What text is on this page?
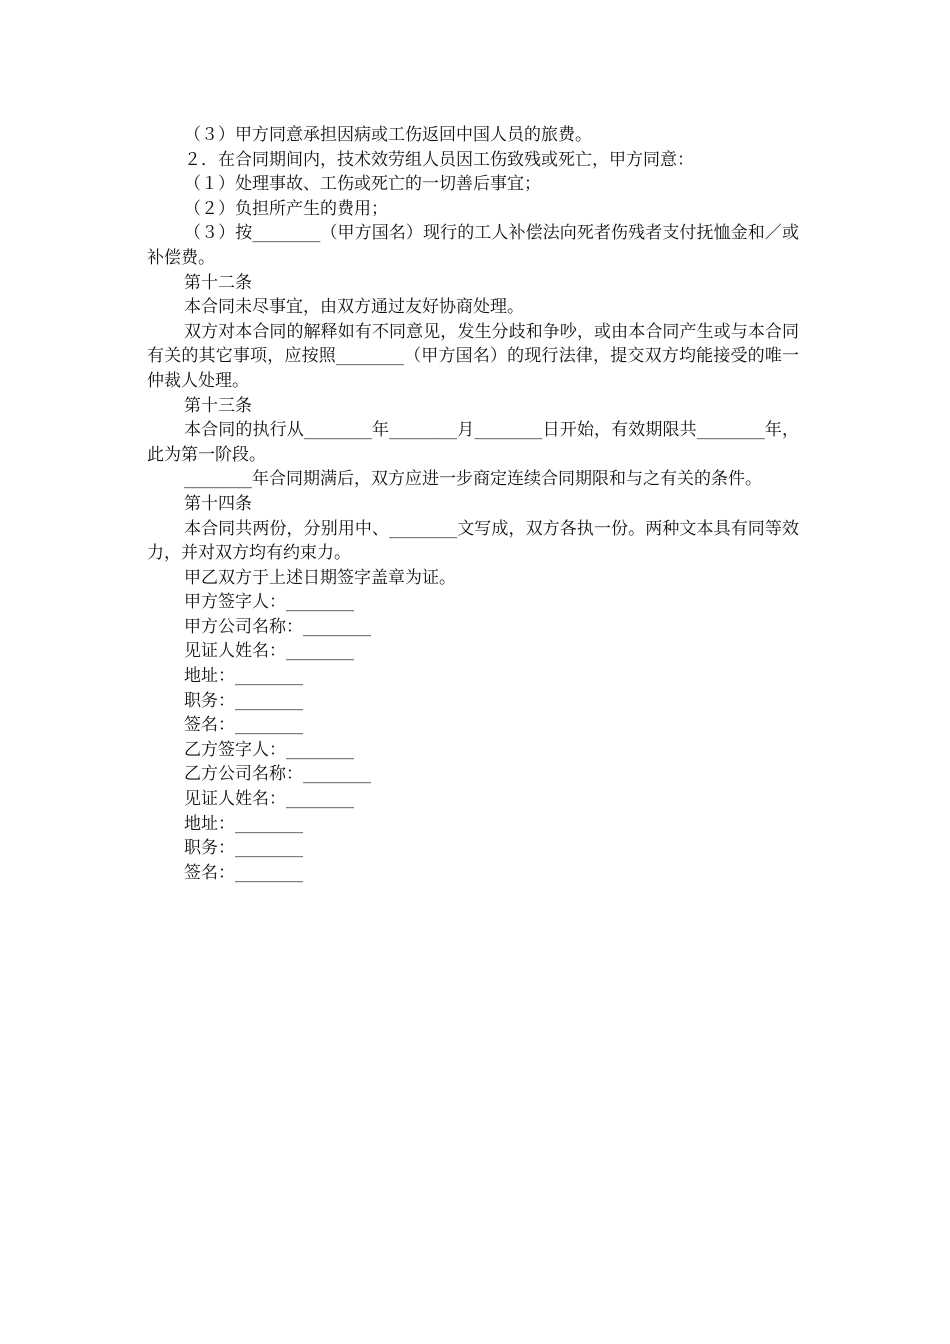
（３）甲方同意承担因病或工伤返回中国人员的旅费。

２．在合同期间内，技术效劳组人员因工伤致残或死亡，甲方同意：

（１）处理事故、工伤或死亡的一切善后事宜；

（２）负担所产生的费用；

（３）按________（甲方国名）现行的工人补偿法向死者伤残者支付抚恤金和／或补偿费。

第十二条

本合同未尽事宜，由双方通过友好协商处理。

双方对本合同的解释如有不同意见，发生分歧和争吵，或由本合同产生或与本合同有关的其它事项，应按照________（甲方国名）的现行法律，提交双方均能接受的唯一仲裁人处理。

第十三条

本合同的执行从________年________月________日开始，有效期限共________年，此为第一阶段。

________年合同期满后，双方应进一步商定连续合同期限和与之有关的条件。

第十四条

本合同共两份，分别用中、________文写成，双方各执一份。两种文本具有同等效力，并对双方均有约束力。

甲乙双方于上述日期签字盖章为证。

甲方签字人：________

甲方公司名称：________

见证人姓名：________

地址：________

职务：________

签名：________

乙方签字人：________

乙方公司名称：________

见证人姓名：________

地址：________

职务：________

签名：________
